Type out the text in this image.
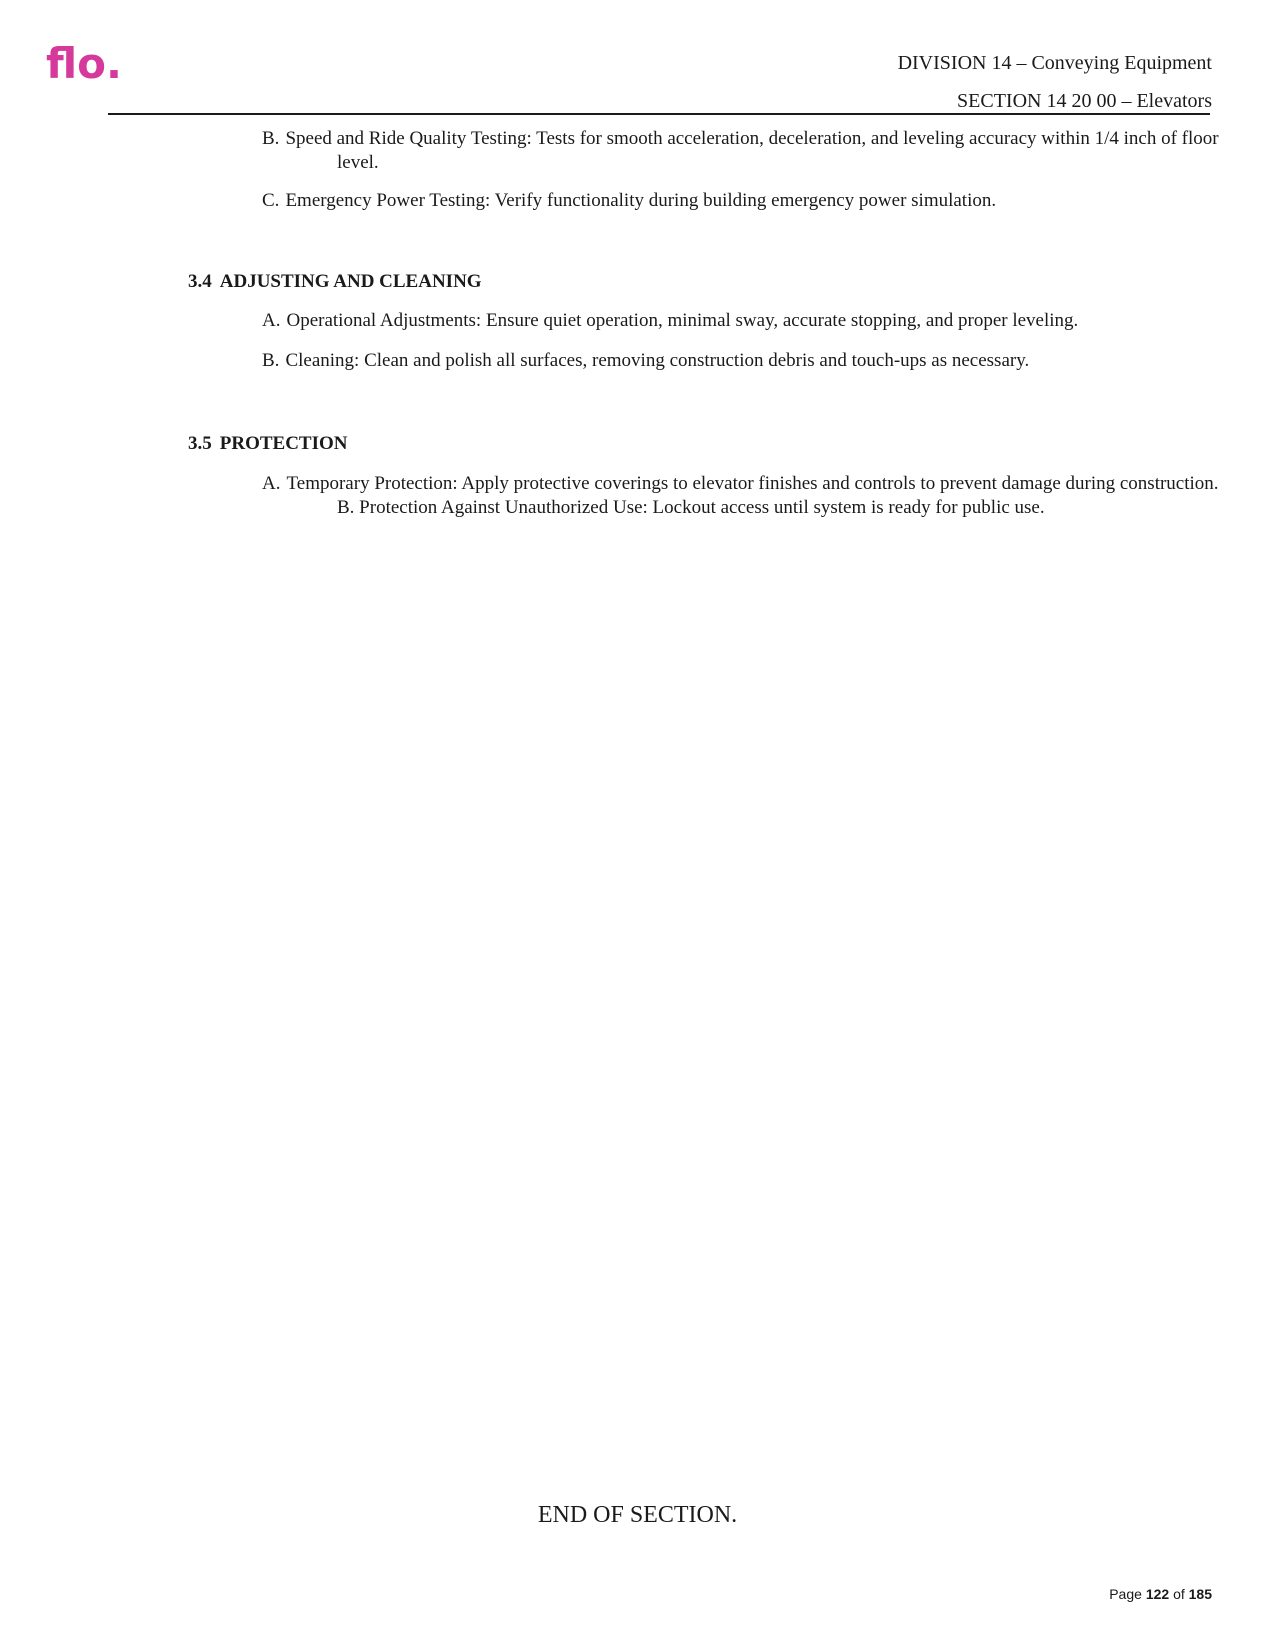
flo.	DIVISION 14 – Conveying Equipment
SECTION 14 20 00 – Elevators
B. Speed and Ride Quality Testing: Tests for smooth acceleration, deceleration, and leveling accuracy within 1/4 inch of floor level.
C. Emergency Power Testing: Verify functionality during building emergency power simulation.
3.4 ADJUSTING AND CLEANING
A. Operational Adjustments: Ensure quiet operation, minimal sway, accurate stopping, and proper leveling.
B. Cleaning: Clean and polish all surfaces, removing construction debris and touch-ups as necessary.
3.5 PROTECTION
A. Temporary Protection: Apply protective coverings to elevator finishes and controls to prevent damage during construction. B. Protection Against Unauthorized Use: Lockout access until system is ready for public use.
END OF SECTION.
Page 122 of 185
